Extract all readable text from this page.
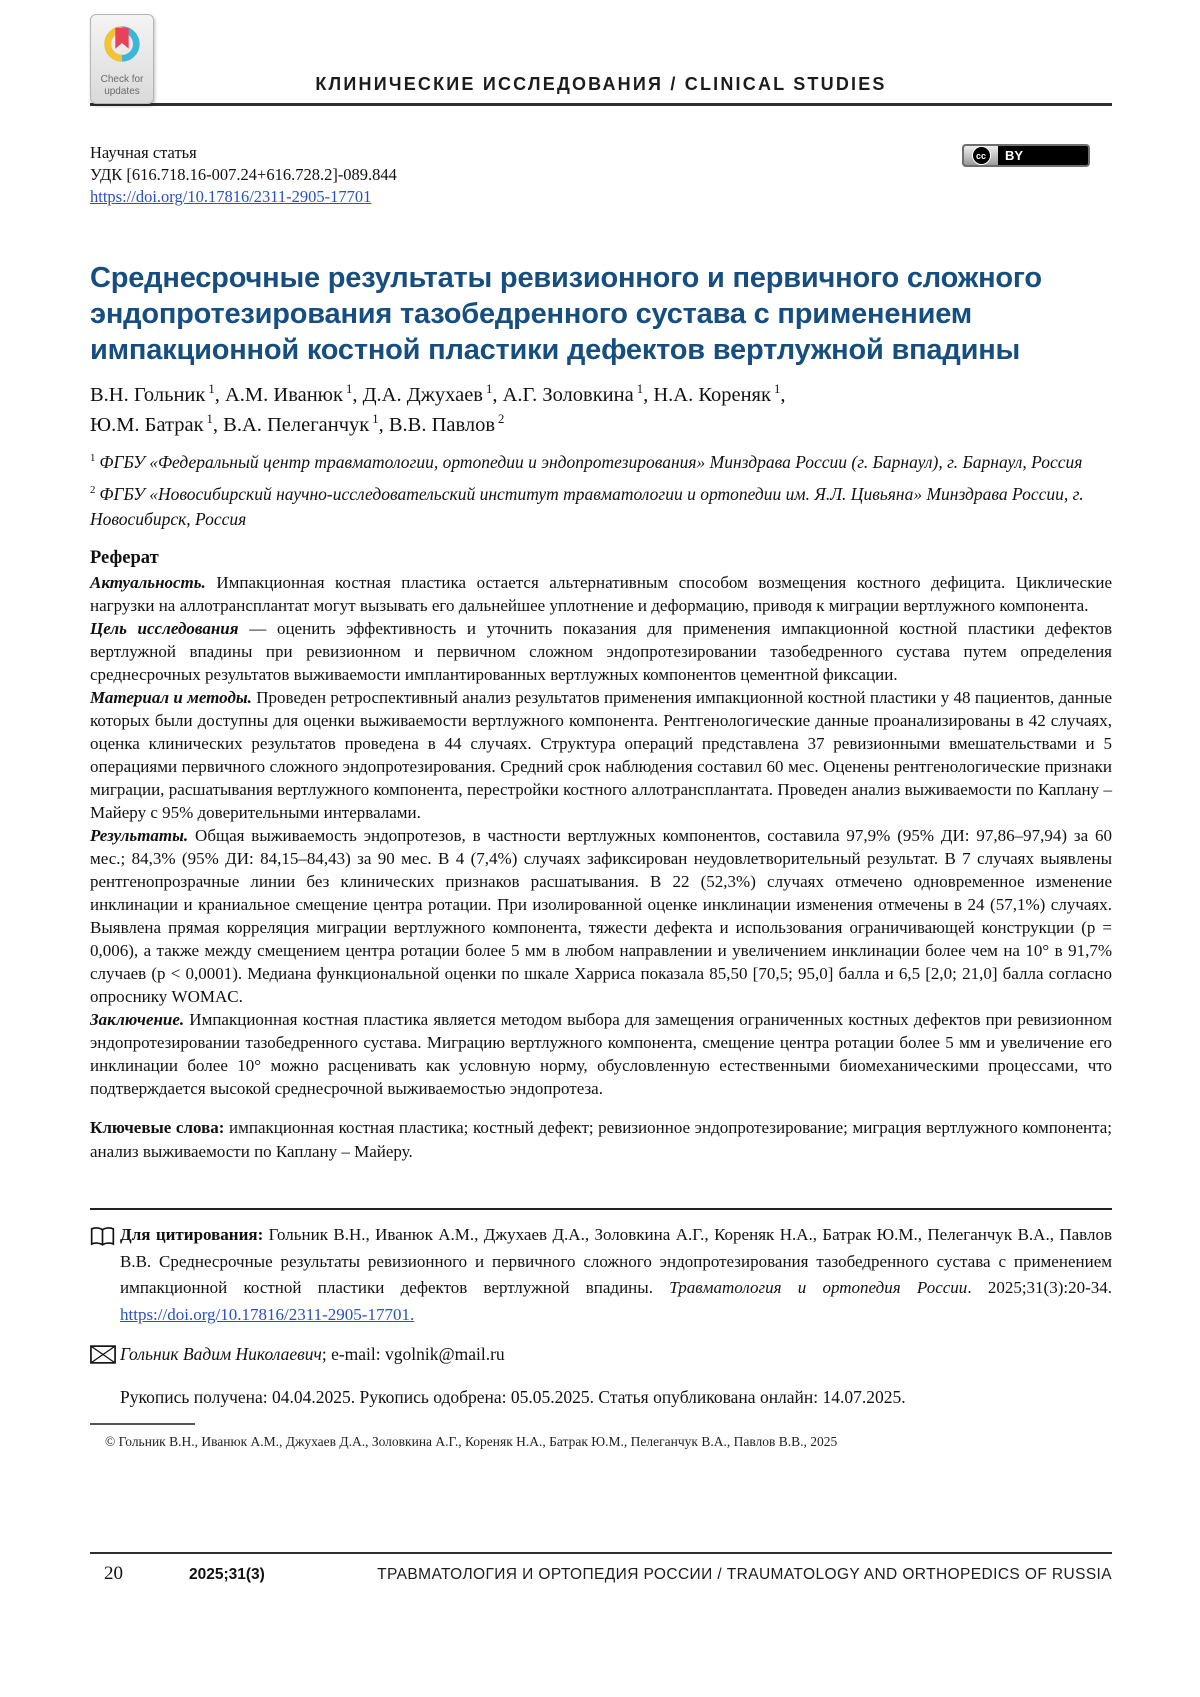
Check for
updates	КЛИНИЧЕСКИЕ ИССЛЕДОВАНИЯ / CLINICAL STUDIES
Научная статья
УДК [616.718.16-007.24+616.728.2]-089.844
https://doi.org/10.17816/2311-2905-17701
cc	BY
Среднесрочные результаты ревизионного и первичного сложного эндопротезирования тазобедренного сустава с применением импакционной костной пластики дефектов вертлужной впадины

В.Н. Гольник $^1$, А.М. Иванюк $^1$, Д.А. Джухаев $^1$, А.Г. Золовкина $^1$, Н.А. Кореняк $^1$,
Ю.М. Батрак $^1$, В.А. Пелеганчук $^1$, В.В. Павлов $^2$

$^1$ ФГБУ «Федеральный центр травматологии, ортопедии и эндопротезирования» Минздрава России (г. Барнаул), г. Барнаул, Россия

$^2$ ФГБУ «Новосибирский научно-исследовательский институт травматологии и ортопедии им. Я.Л. Цивьяна» Минздрава России, г. Новосибирск, Россия

Реферат

Актуальность. Импакционная костная пластика остается альтернативным способом возмещения костного дефицита. Циклические нагрузки на аллотрансплантат могут вызывать его дальнейшее уплотнение и деформацию, приводя к миграции вертлужного компонента.

Цель исследования — оценить эффективность и уточнить показания для применения импакционной костной пластики дефектов вертлужной впадины при ревизионном и первичном сложном эндопротезировании тазобедренного сустава путем определения среднесрочных результатов выживаемости имплантированных вертлужных компонентов цементной фиксации.

Материал и методы. Проведен ретроспективный анализ результатов применения импакционной костной пластики у 48 пациентов, данные которых были доступны для оценки выживаемости вертлужного компонента. Рентгенологические данные проанализированы в 42 случаях, оценка клинических результатов проведена в 44 случаях. Структура операций представлена 37 ревизионными вмешательствами и 5 операциями первичного сложного эндопротезирования. Средний срок наблюдения составил 60 мес. Оценены рентгенологические признаки миграции, расшатывания вертлужного компонента, перестройки костного аллотрансплантата. Проведен анализ выживаемости по Каплану – Майеру с 95% доверительными интервалами.

Результаты. Общая выживаемость эндопротезов, в частности вертлужных компонентов, составила 97,9% (95% ДИ: 97,86–97,94) за 60 мес.; 84,3% (95% ДИ: 84,15–84,43) за 90 мес. В 4 (7,4%) случаях зафиксирован неудовлетворительный результат. В 7 случаях выявлены рентгенопрозрачные линии без клинических признаков расшатывания. В 22 (52,3%) случаях отмечено одновременное изменение инклинации и краниальное смещение центра ротации. При изолированной оценке инклинации изменения отмечены в 24 (57,1%) случаях. Выявлена прямая корреляция миграции вертлужного компонента, тяжести дефекта и использования ограничивающей конструкции (p = 0,006), а также между смещением центра ротации более 5 мм в любом направлении и увеличением инклинации более чем на 10° в 91,7% случаев (p < 0,0001). Медиана функциональной оценки по шкале Харриса показала 85,50 [70,5; 95,0] балла и 6,5 [2,0; 21,0] балла согласно опроснику WOMAC.

Заключение. Импакционная костная пластика является методом выбора для замещения ограниченных костных дефектов при ревизионном эндопротезировании тазобедренного сустава. Миграцию вертлужного компонента, смещение центра ротации более 5 мм и увеличение его инклинации более 10° можно расценивать как условную норму, обусловленную естественными биомеханическими процессами, что подтверждается высокой среднесрочной выживаемостью эндопротеза.

Ключевые слова: импакционная костная пластика; костный дефект; ревизионное эндопротезирование; миграция вертлужного компонента; анализ выживаемости по Каплану – Майеру.

Для цитирования: Гольник В.Н., Иванюк А.М., Джухаев Д.А., Золовкина А.Г., Кореняк Н.А., Батрак Ю.М., Пелеганчук В.А., Павлов В.В. Среднесрочные результаты ревизионного и первичного сложного эндопротезирования тазобедренного сустава с применением импакционной костной пластики дефектов вертлужной впадины. Травматология и ортопедия России. 2025;31(3):20-34. https://doi.org/10.17816/2311-2905-17701.

Гольник Вадим Николаевич; e-mail: vgolnik@mail.ru

Рукопись получена: 04.04.2025. Рукопись одобрена: 05.05.2025. Статья опубликована онлайн: 14.07.2025.

© Гольник В.Н., Иванюк А.М., Джухаев Д.А., Золовкина А.Г., Кореняк Н.А., Батрак Ю.М., Пелеганчук В.А., Павлов В.В., 2025

20	2025;31(3)	ТРАВМАТОЛОГИЯ И ОРТОПЕДИЯ РОССИИ / TRAUMATOLOGY AND ORTHOPEDICS OF RUSSIA
